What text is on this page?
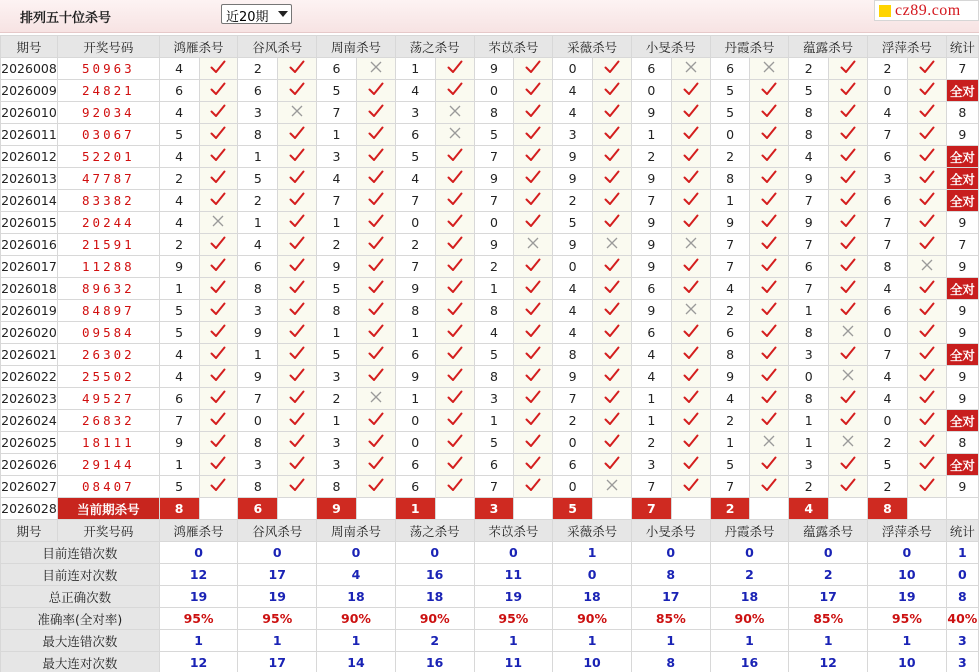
排列五十位杀号	近20期	cz89.com
期号	开奖号码	鸿雁杀号		谷风杀号		周南杀号		荡之杀号		芣苡杀号		采薇杀号		小旻杀号		丹霞杀号		蕴露杀号		浮萍杀号		统计
2026008	50963	4		2		6		1		9		0		6		6		2		2		7
2026009	24821	6		6		5		4		0		4		0		5		5		0		全对
2026010	92034	4		3		7		3		8		4		9		5		8		4		8
2026011	03067	5		8		1		6		5		3		1		0		8		7		9
2026012	52201	4		1		3		5		7		9		2		2		4		6		全对
2026013	47787	2		5		4		4		9		9		9		8		9		3		全对
2026014	83382	4		2		7		7		7		2		7		1		7		6		全对
2026015	20244	4		1		1		0		0		5		9		9		9		7		9
2026016	21591	2		4		2		2		9		9		9		7		7		7		7
2026017	11288	9		6		9		7		2		0		9		7		6		8		9
2026018	89632	1		8		5		9		1		4		6		4		7		4		全对
2026019	84897	5		3		8		8		8		4		9		2		1		6		9
2026020	09584	5		9		1		1		4		4		6		6		8		0		9
2026021	26302	4		1		5		6		5		8		4		8		3		7		全对
2026022	25502	4		9		3		9		8		9		4		9		0		4		9
2026023	49527	6		7		2		1		3		7		1		4		8		4		9
2026024	26832	7		0		1		0		1		2		1		2		1		0		全对
2026025	18111	9		8		3		0		5		0		2		1		1		2		8
2026026	29144	1		3		3		6		6		6		3		5		3		5		全对
2026027	08407	5		8		8		6		7		0		7		7		2		2		9
2026028	当前期杀号	8		6		9		1		3		5		7		2		4		8		
期号	开奖号码	鸿雁杀号		谷风杀号		周南杀号		荡之杀号		芣苡杀号		采薇杀号		小旻杀号		丹霞杀号		蕴露杀号		浮萍杀号		统计
目前连错次数		0		0		0		0		0		1		0		0		0		0		1
目前连对次数		12		17		4		16		11		0		8		2		2		10		0
总正确次数		19		19		18		18		19		18		17		18		17		19		8
准确率(全对率)		95%		95%		90%		90%		95%		90%		85%		90%		85%		95%		40%
最大连错次数		1		1		1		2		1		1		1		1		1		1		3
最大连对次数		12		17		14		16		11		10		8		16		12		10		3
